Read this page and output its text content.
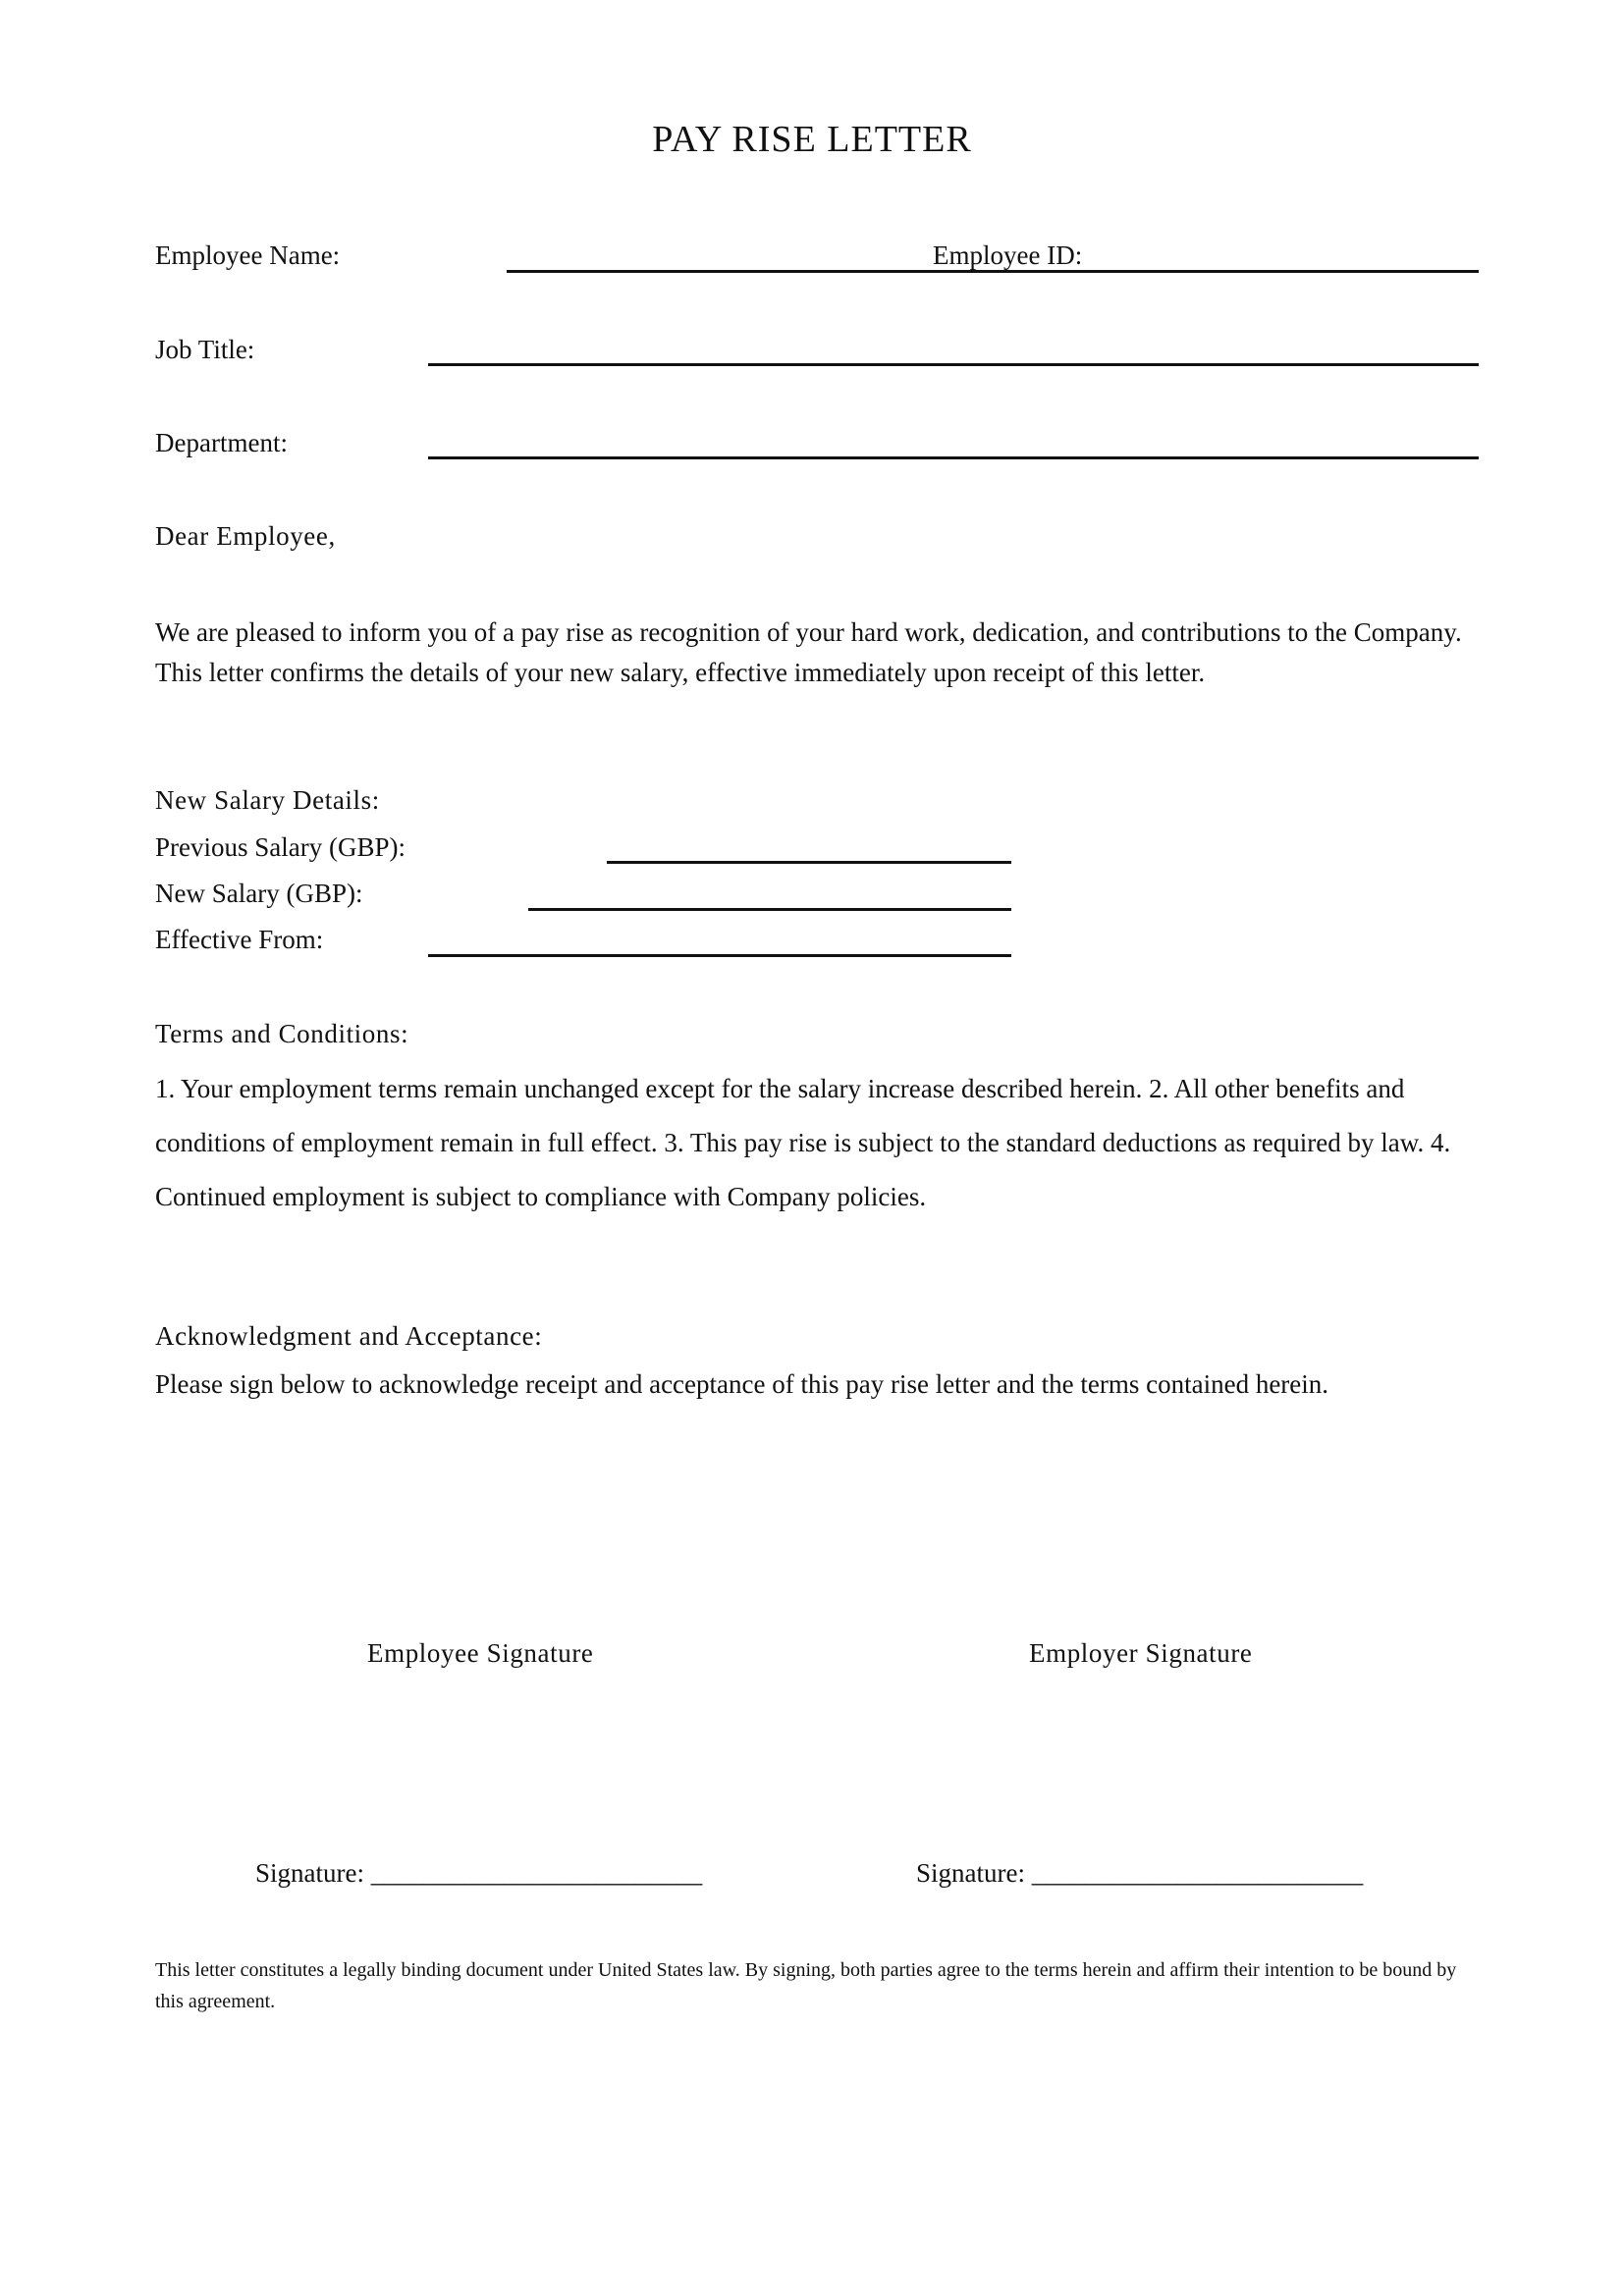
PAY RISE LETTER
Employee Name:	Employee ID:
Job Title:
Department:
Dear Employee,

We are pleased to inform you of a pay rise as recognition of your hard work, dedication, and contributions to the Company. This letter confirms the details of your new salary, effective immediately upon receipt of this letter.

New Salary Details:
Previous Salary (GBP):
New Salary (GBP):
Effective From:
Terms and Conditions:

1. Your employment terms remain unchanged except for the salary increase described herein. 2. All other benefits and conditions of employment remain in full effect. 3. This pay rise is subject to the standard deductions as required by law. 4. Continued employment is subject to compliance with Company policies.

Acknowledgment and Acceptance:

Please sign below to acknowledge receipt and acceptance of this pay rise letter and the terms contained herein.

Employee Signature	Employer Signature
Signature: _________________________	Signature: _________________________

This letter constitutes a legally binding document under United States law. By signing, both parties agree to the terms herein and affirm their intention to be bound by this agreement.
